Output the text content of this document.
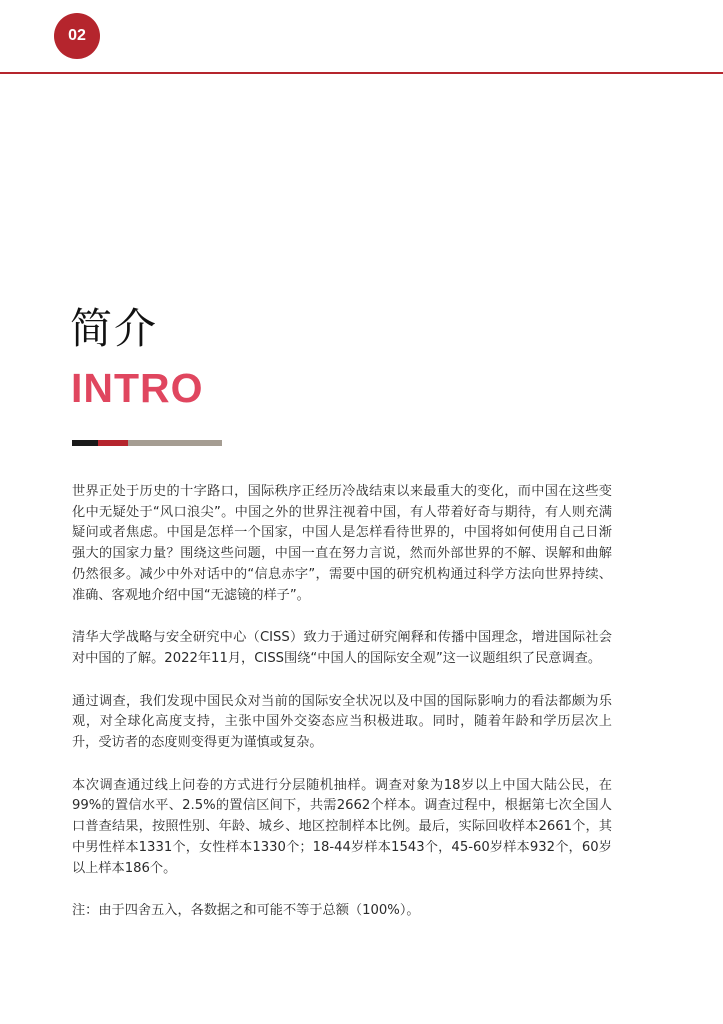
02
简介
INTRO

世界正处于历史的十字路口，国际秩序正经历冷战结束以来最重大的变化，而中国在这些变化中无疑处于“风口浪尖”。中国之外的世界注视着中国，有人带着好奇与期待，有人则充满疑问或者焦虑。中国是怎样一个国家，中国人是怎样看待世界的，中国将如何使用自己日渐强大的国家力量？围绕这些问题，中国一直在努力言说，然而外部世界的不解、误解和曲解仍然很多。减少中外对话中的“信息赤字”，需要中国的研究机构通过科学方法向世界持续、准确、客观地介绍中国“无滤镜的样子”。

清华大学战略与安全研究中心（CISS）致力于通过研究阐释和传播中国理念，增进国际社会对中国的了解。2022年11月，CISS围绕“中国人的国际安全观”这一议题组织了民意调查。

通过调查，我们发现中国民众对当前的国际安全状况以及中国的国际影响力的看法都颇为乐观，对全球化高度支持，主张中国外交姿态应当积极进取。同时，随着年龄和学历层次上升，受访者的态度则变得更为谨慎或复杂。

本次调查通过线上问卷的方式进行分层随机抽样。调查对象为18岁以上中国大陆公民，在99%的置信水平、2.5%的置信区间下，共需2662个样本。调查过程中，根据第七次全国人口普查结果，按照性别、年龄、城乡、地区控制样本比例。最后，实际回收样本2661个，其中男性样本1331个，女性样本1330个；18-44岁样本1543个，45-60岁样本932个，60岁以上样本186个。

注：由于四舍五入，各数据之和可能不等于总额（100%）。
